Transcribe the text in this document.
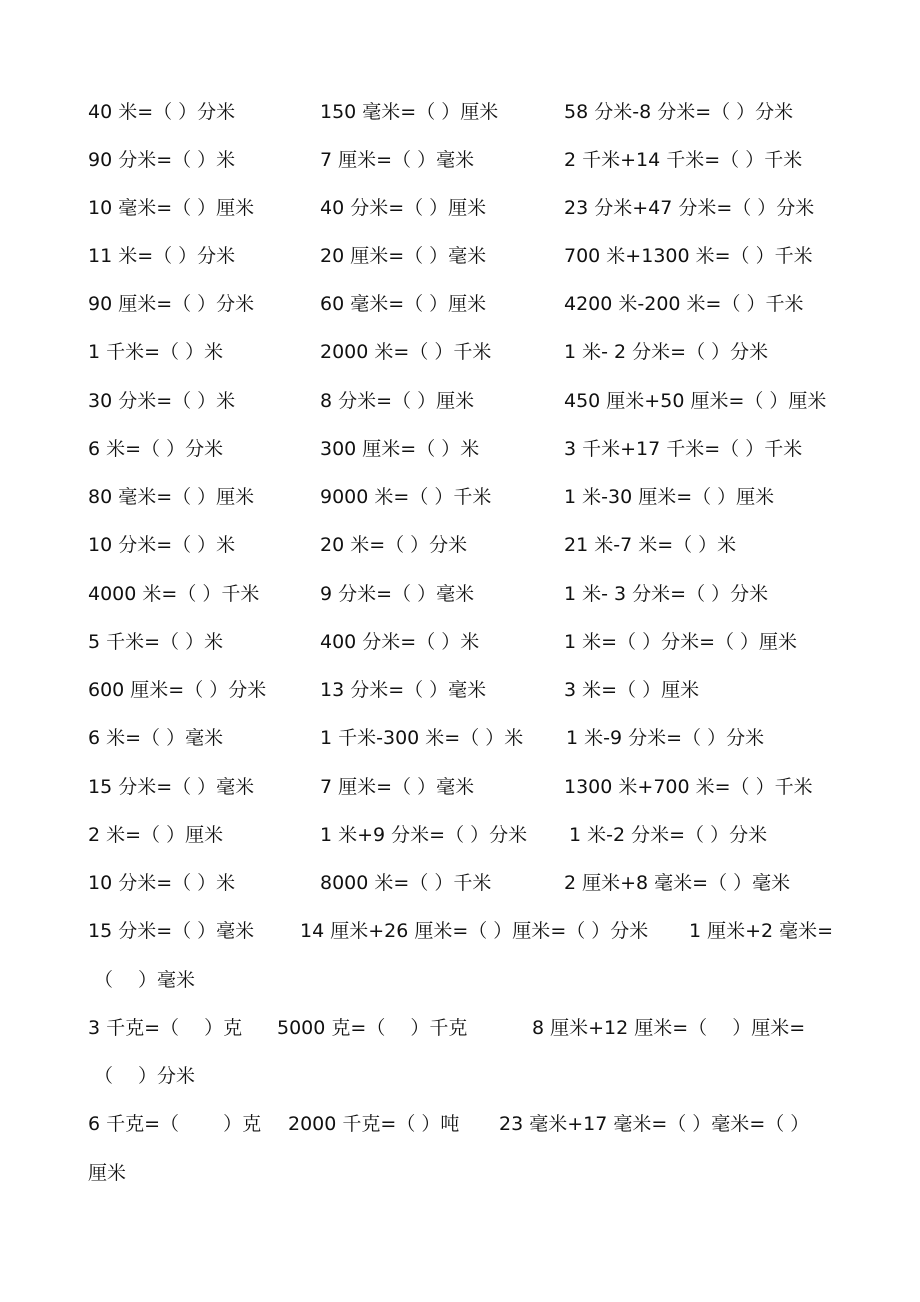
40 米=（ ）分米	150 毫米=（ ）厘米	58 分米-8 分米=（ ）分米
90 分米=（ ）米	7 厘米=（ ）毫米	2 千米+14 千米=（ ）千米
10 毫米=（ ）厘米	40 分米=（ ）厘米	23 分米+47 分米=（ ）分米
11 米=（ ）分米	20 厘米=（ ）毫米	700 米+1300 米=（ ）千米
90 厘米=（ ）分米	60 毫米=（ ）厘米	4200 米-200 米=（ ）千米
1 千米=（ ）米	2000 米=（ ）千米	1 米- 2 分米=（ ）分米
30 分米=（ ）米	8 分米=（ ）厘米	450 厘米+50 厘米=（ ）厘米
6 米=（ ）分米	300 厘米=（ ）米	3 千米+17 千米=（ ）千米
80 毫米=（ ）厘米	9000 米=（ ）千米	1 米-30 厘米=（ ）厘米
10 分米=（ ）米	20 米=（ ）分米	21 米-7 米=（ ）米
4000 米=（ ）千米	9 分米=（ ）毫米	1 米- 3 分米=（ ）分米
5 千米=（ ）米	400 分米=（ ）米	1 米=（ ）分米=（ ）厘米
600 厘米=（ ）分米	13 分米=（ ）毫米	3 米=（ ）厘米
6 米=（ ）毫米	1 千米-300 米=（ ）米 1 米-9 分米=（ ）分米
15 分米=（ ）毫米	7 厘米=（ ）毫米	1300 米+700 米=（ ）千米
2 米=（ ）厘米	1 米+9 分米=（ ）分米 1 米-2 分米=（ ）分米
10 分米=（ ）米	8000 米=（ ）千米	2 厘米+8 毫米=（ ）毫米
15 分米=（ ）毫米 14 厘米+26 厘米=（ ）厘米=（ ）分米 1 厘米+2 毫米=
（　 ）毫米
3 千克=（　 ）克 5000 克=（　 ）千克	8 厘米+12 厘米=（　 ）厘米=
（　 ）分米
6 千克=（　　 ）克 2000 千克=（ ）吨 23 毫米+17 毫米=（ ）毫米=（ ）
厘米
